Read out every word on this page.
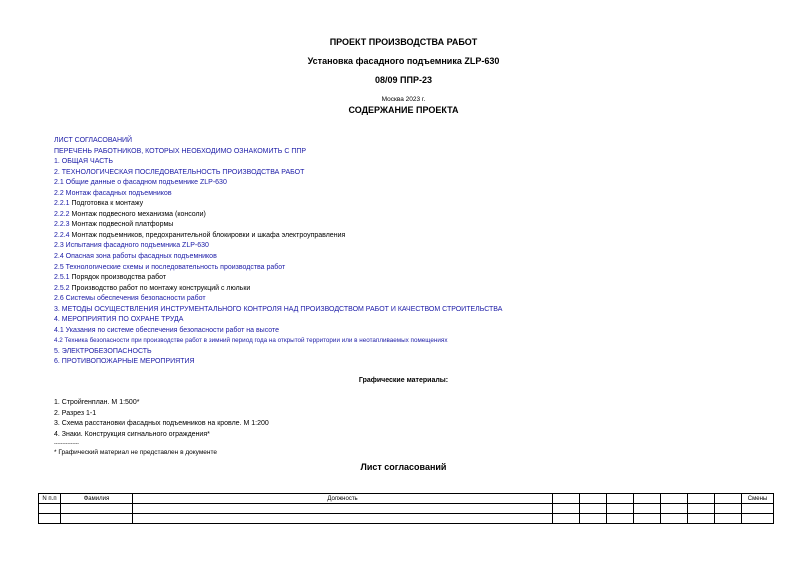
ПРОЕКТ ПРОИЗВОДСТВА РАБОТ
Установка фасадного подъемника ZLP-630
08/09 ППР-23
Москва 2023 г.
СОДЕРЖАНИЕ ПРОЕКТА
ЛИСТ СОГЛАСОВАНИЙ
ПЕРЕЧЕНЬ РАБОТНИКОВ, КОТОРЫХ НЕОБХОДИМО ОЗНАКОМИТЬ С ППР
1. ОБЩАЯ ЧАСТЬ
2. ТЕХНОЛОГИЧЕСКАЯ ПОСЛЕДОВАТЕЛЬНОСТЬ ПРОИЗВОДСТВА РАБОТ
2.1 Общие данные о фасадном подъемнике ZLP-630
2.2 Монтаж фасадных подъемников
2.2.1 Подготовка к монтажу
2.2.2 Монтаж подвесного механизма (консоли)
2.2.3 Монтаж подвесной платформы
2.2.4 Монтаж подъемников, предохранительной блокировки и шкафа электроуправления
2.3 Испытания фасадного подъемника ZLP-630
2.4 Опасная зона работы фасадных подъемников
2.5 Технологические схемы и последовательность производства работ
2.5.1 Порядок производства работ
2.5.2 Производство работ по монтажу конструкций с люльки
2.6 Системы обеспечения безопасности работ
3. МЕТОДЫ ОСУЩЕСТВЛЕНИЯ ИНСТРУМЕНТАЛЬНОГО КОНТРОЛЯ НАД ПРОИЗВОДСТВОМ РАБОТ И КАЧЕСТВОМ СТРОИТЕЛЬСТВА
4. МЕРОПРИЯТИЯ ПО ОХРАНЕ ТРУДА
4.1 Указания по системе обеспечения безопасности работ на высоте
4.2 Техника безопасности при производстве работ в зимний период года на открытой территории или в неотапливаемых помещениях
5. ЭЛЕКТРОБЕЗОПАСНОСТЬ
6. ПРОТИВОПОЖАРНЫЕ МЕРОПРИЯТИЯ
Графические материалы:
1. Стройгенплан. М 1:500*
2. Разрез 1-1
3. Схема расстановки фасадных подъемников на кровле. М 1:200
4. Знаки. Конструкция сигнального ограждения*
---------------
* Графический материал не представлен в документе
Лист согласований
N п.п	Фамилия	Должность								Смены
